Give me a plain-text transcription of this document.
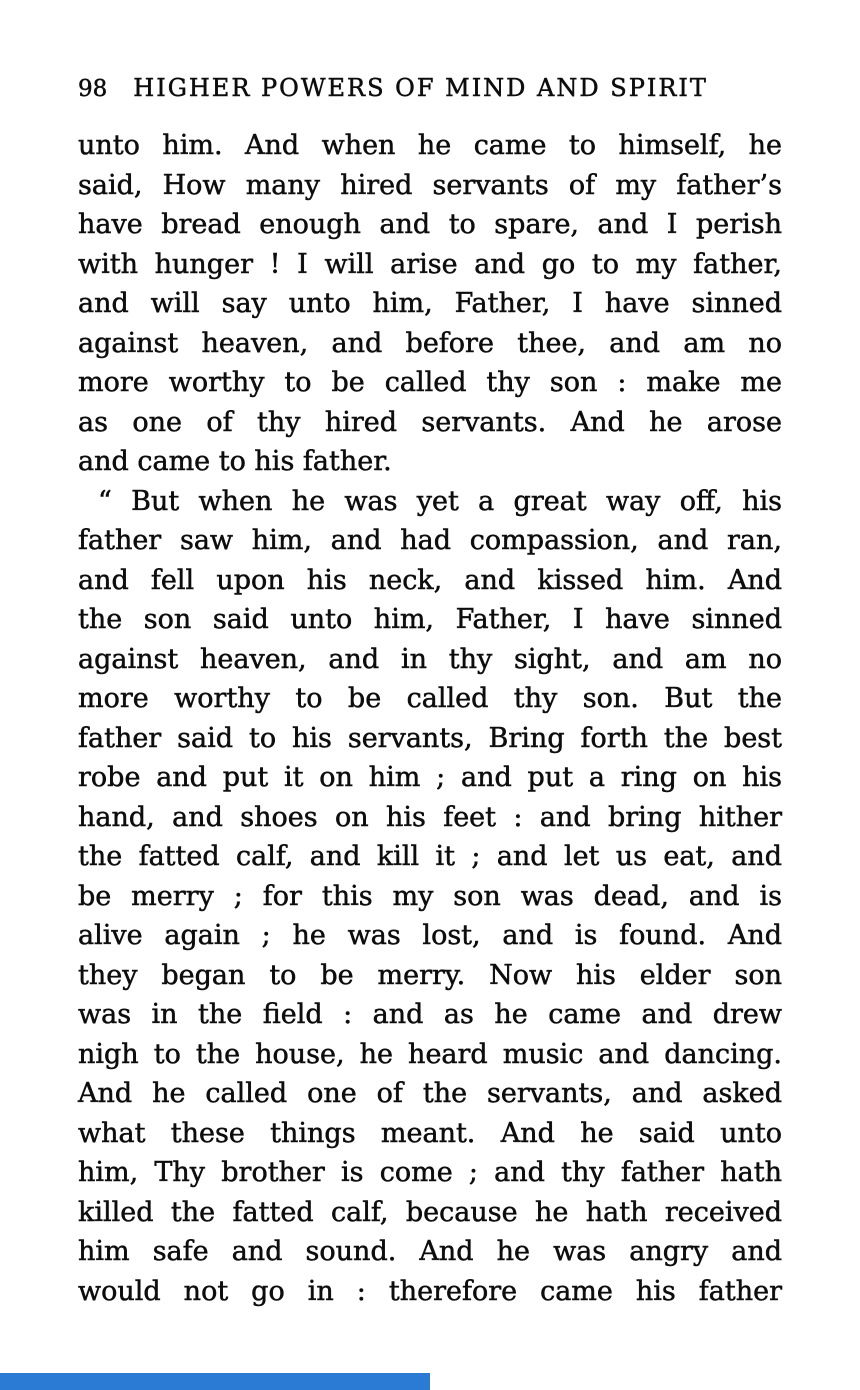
98 HIGHER POWERS OF MIND AND SPIRIT
unto him. And when he came to himself, he
said, How many hired servants of my father’s
have bread enough and to spare, and I perish
with hunger ! I will arise and go to my father,
and will say unto him, Father, I have sinned
against heaven, and before thee, and am no
more worthy to be called thy son : make me
as one of thy hired servants. And he arose
and came to his father.
“ But when he was yet a great way off, his
father saw him, and had compassion, and ran,
and fell upon his neck, and kissed him. And
the son said unto him, Father, I have sinned
against heaven, and in thy sight, and am no
more worthy to be called thy son. But the
father said to his servants, Bring forth the best
robe and put it on him ; and put a ring on his
hand, and shoes on his feet : and bring hither
the fatted calf, and kill it ; and let us eat, and
be merry ; for this my son was dead, and is
alive again ; he was lost, and is found. And
they began to be merry. Now his elder son
was in the field : and as he came and drew
nigh to the house, he heard music and dancing.
And he called one of the servants, and asked
what these things meant. And he said unto
him, Thy brother is come ; and thy father hath
killed the fatted calf, because he hath received
him safe and sound. And he was angry and
would not go in : therefore came his father
